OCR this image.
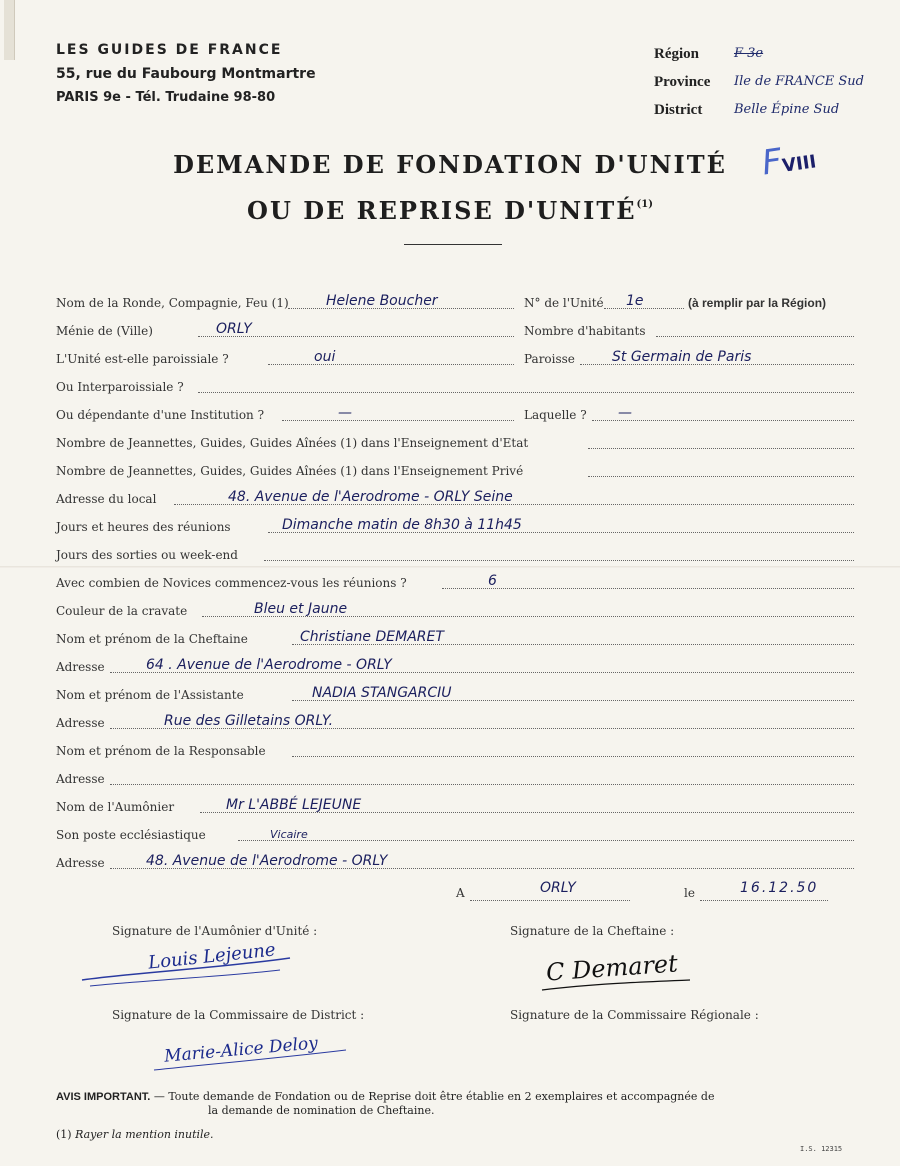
LES GUIDES DE FRANCE
55, rue du Faubourg Montmartre
PARIS 9e - Tél. Trudaine 98-80
Région	F 3e
Province Ile de FRANCE Sud
District Belle Épine Sud
FVIII
DEMANDE DE FONDATION D'UNITÉ
OU DE REPRISE D'UNITÉ$^{(1)}$
Nom de la Ronde, Compagnie, Feu (1)	Helene Boucher	N° de l'Unité 1e	(à remplir par la Région)
Ménie de (Ville)	ORLY	Nombre d'habitants
L'Unité est-elle paroissiale ?	oui	Paroisse	St Germain de Paris
Ou Interparoissiale ?
Ou dépendante d'une Institution ?	—	Laquelle ? —
Nombre de Jeannettes, Guides, Guides Aînées (1) dans l'Enseignement d'Etat
Nombre de Jeannettes, Guides, Guides Aînées (1) dans l'Enseignement Privé
Adresse du local	48. Avenue de l'Aerodrome - ORLY Seine
Jours et heures des réunions	Dimanche matin de 8h30 à 11h45
Jours des sorties ou week-end
Avec combien de Novices commencez-vous les réunions ?	6
Couleur de la cravate	Bleu et Jaune
Nom et prénom de la Cheftaine	Christiane DEMARET
Adresse	64 . Avenue de l'Aerodrome - ORLY
Nom et prénom de l'Assistante	NADIA STANGARCIU
Adresse	Rue des Gilletains ORLY.
Nom et prénom de la Responsable
Adresse
Nom de l'Aumônier	Mr L'ABBÉ LEJEUNE
Son poste ecclésiastique	Vicaire
Adresse	48. Avenue de l'Aerodrome - ORLY
A	ORLY	le	16.12.50
Signature de l'Aumônier d'Unité :	Signature de la Cheftaine :
Louis Lejeune	C Demaret
Signature de la Commissaire de District :	Signature de la Commissaire Régionale :
Marie-Alice Deloy
AVIS IMPORTANT. — Toute demande de Fondation ou de Reprise doit être établie en 2 exemplaires et accompagnée de
la demande de nomination de Cheftaine.
(1) Rayer la mention inutile.
I.S. 12315
